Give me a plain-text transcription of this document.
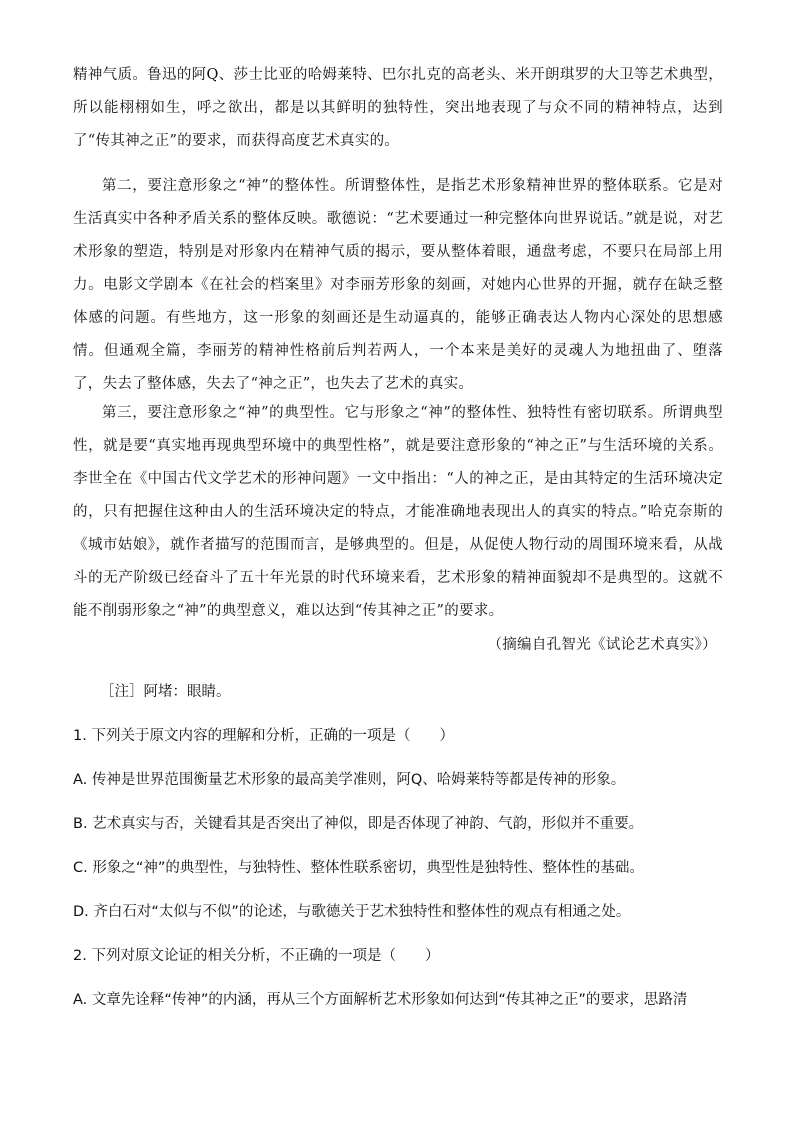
精神气质。鲁迅的阿Q、莎士比亚的哈姆莱特、巴尔扎克的高老头、米开朗琪罗的大卫等艺术典型，所以能栩栩如生，呼之欲出，都是以其鲜明的独特性，突出地表现了与众不同的精神特点，达到了“传其神之正”的要求，而获得高度艺术真实的。
第二，要注意形象之“神”的整体性。所谓整体性，是指艺术形象精神世界的整体联系。它是对生活真实中各种矛盾关系的整体反映。歌德说：“艺术要通过一种完整体向世界说话。”就是说，对艺术形象的塑造，特别是对形象内在精神气质的揭示，要从整体着眼，通盘考虑，不要只在局部上用力。电影文学剧本《在社会的档案里》对李丽芳形象的刻画，对她内心世界的开掘，就存在缺乏整体感的问题。有些地方，这一形象的刻画还是生动逼真的，能够正确表达人物内心深处的思想感情。但通观全篇，李丽芳的精神性格前后判若两人，一个本来是美好的灵魂人为地扭曲了、堕落了，失去了整体感，失去了“神之正”，也失去了艺术的真实。
第三，要注意形象之“神”的典型性。它与形象之“神”的整体性、独特性有密切联系。所谓典型性，就是要“真实地再现典型环境中的典型性格”，就是要注意形象的“神之正”与生活环境的关系。李世全在《中国古代文学艺术的形神问题》一文中指出：“人的神之正，是由其特定的生活环境决定的，只有把握住这种由人的生活环境决定的特点，才能准确地表现出人的真实的特点。”哈克奈斯的《城市姑娘》，就作者描写的范围而言，是够典型的。但是，从促使人物行动的周围环境来看，从战斗的无产阶级已经奋斗了五十年光景的时代环境来看，艺术形象的精神面貌却不是典型的。这就不能不削弱形象之“神”的典型意义，难以达到“传其神之正”的要求。
（摘编自孔智光《试论艺术真实》）
［注］阿堵：眼睛。
1. 下列关于原文内容的理解和分析，正确的一项是（　　）
A. 传神是世界范围衡量艺术形象的最高美学准则，阿Q、哈姆莱特等都是传神的形象。
B. 艺术真实与否，关键看其是否突出了神似，即是否体现了神韵、气韵，形似并不重要。
C. 形象之“神”的典型性，与独特性、整体性联系密切，典型性是独特性、整体性的基础。
D. 齐白石对“太似与不似”的论述，与歌德关于艺术独特性和整体性的观点有相通之处。
2. 下列对原文论证的相关分析，不正确的一项是（　　）
A. 文章先诠释“传神”的内涵，再从三个方面解析艺术形象如何达到“传其神之正”的要求，思路清
